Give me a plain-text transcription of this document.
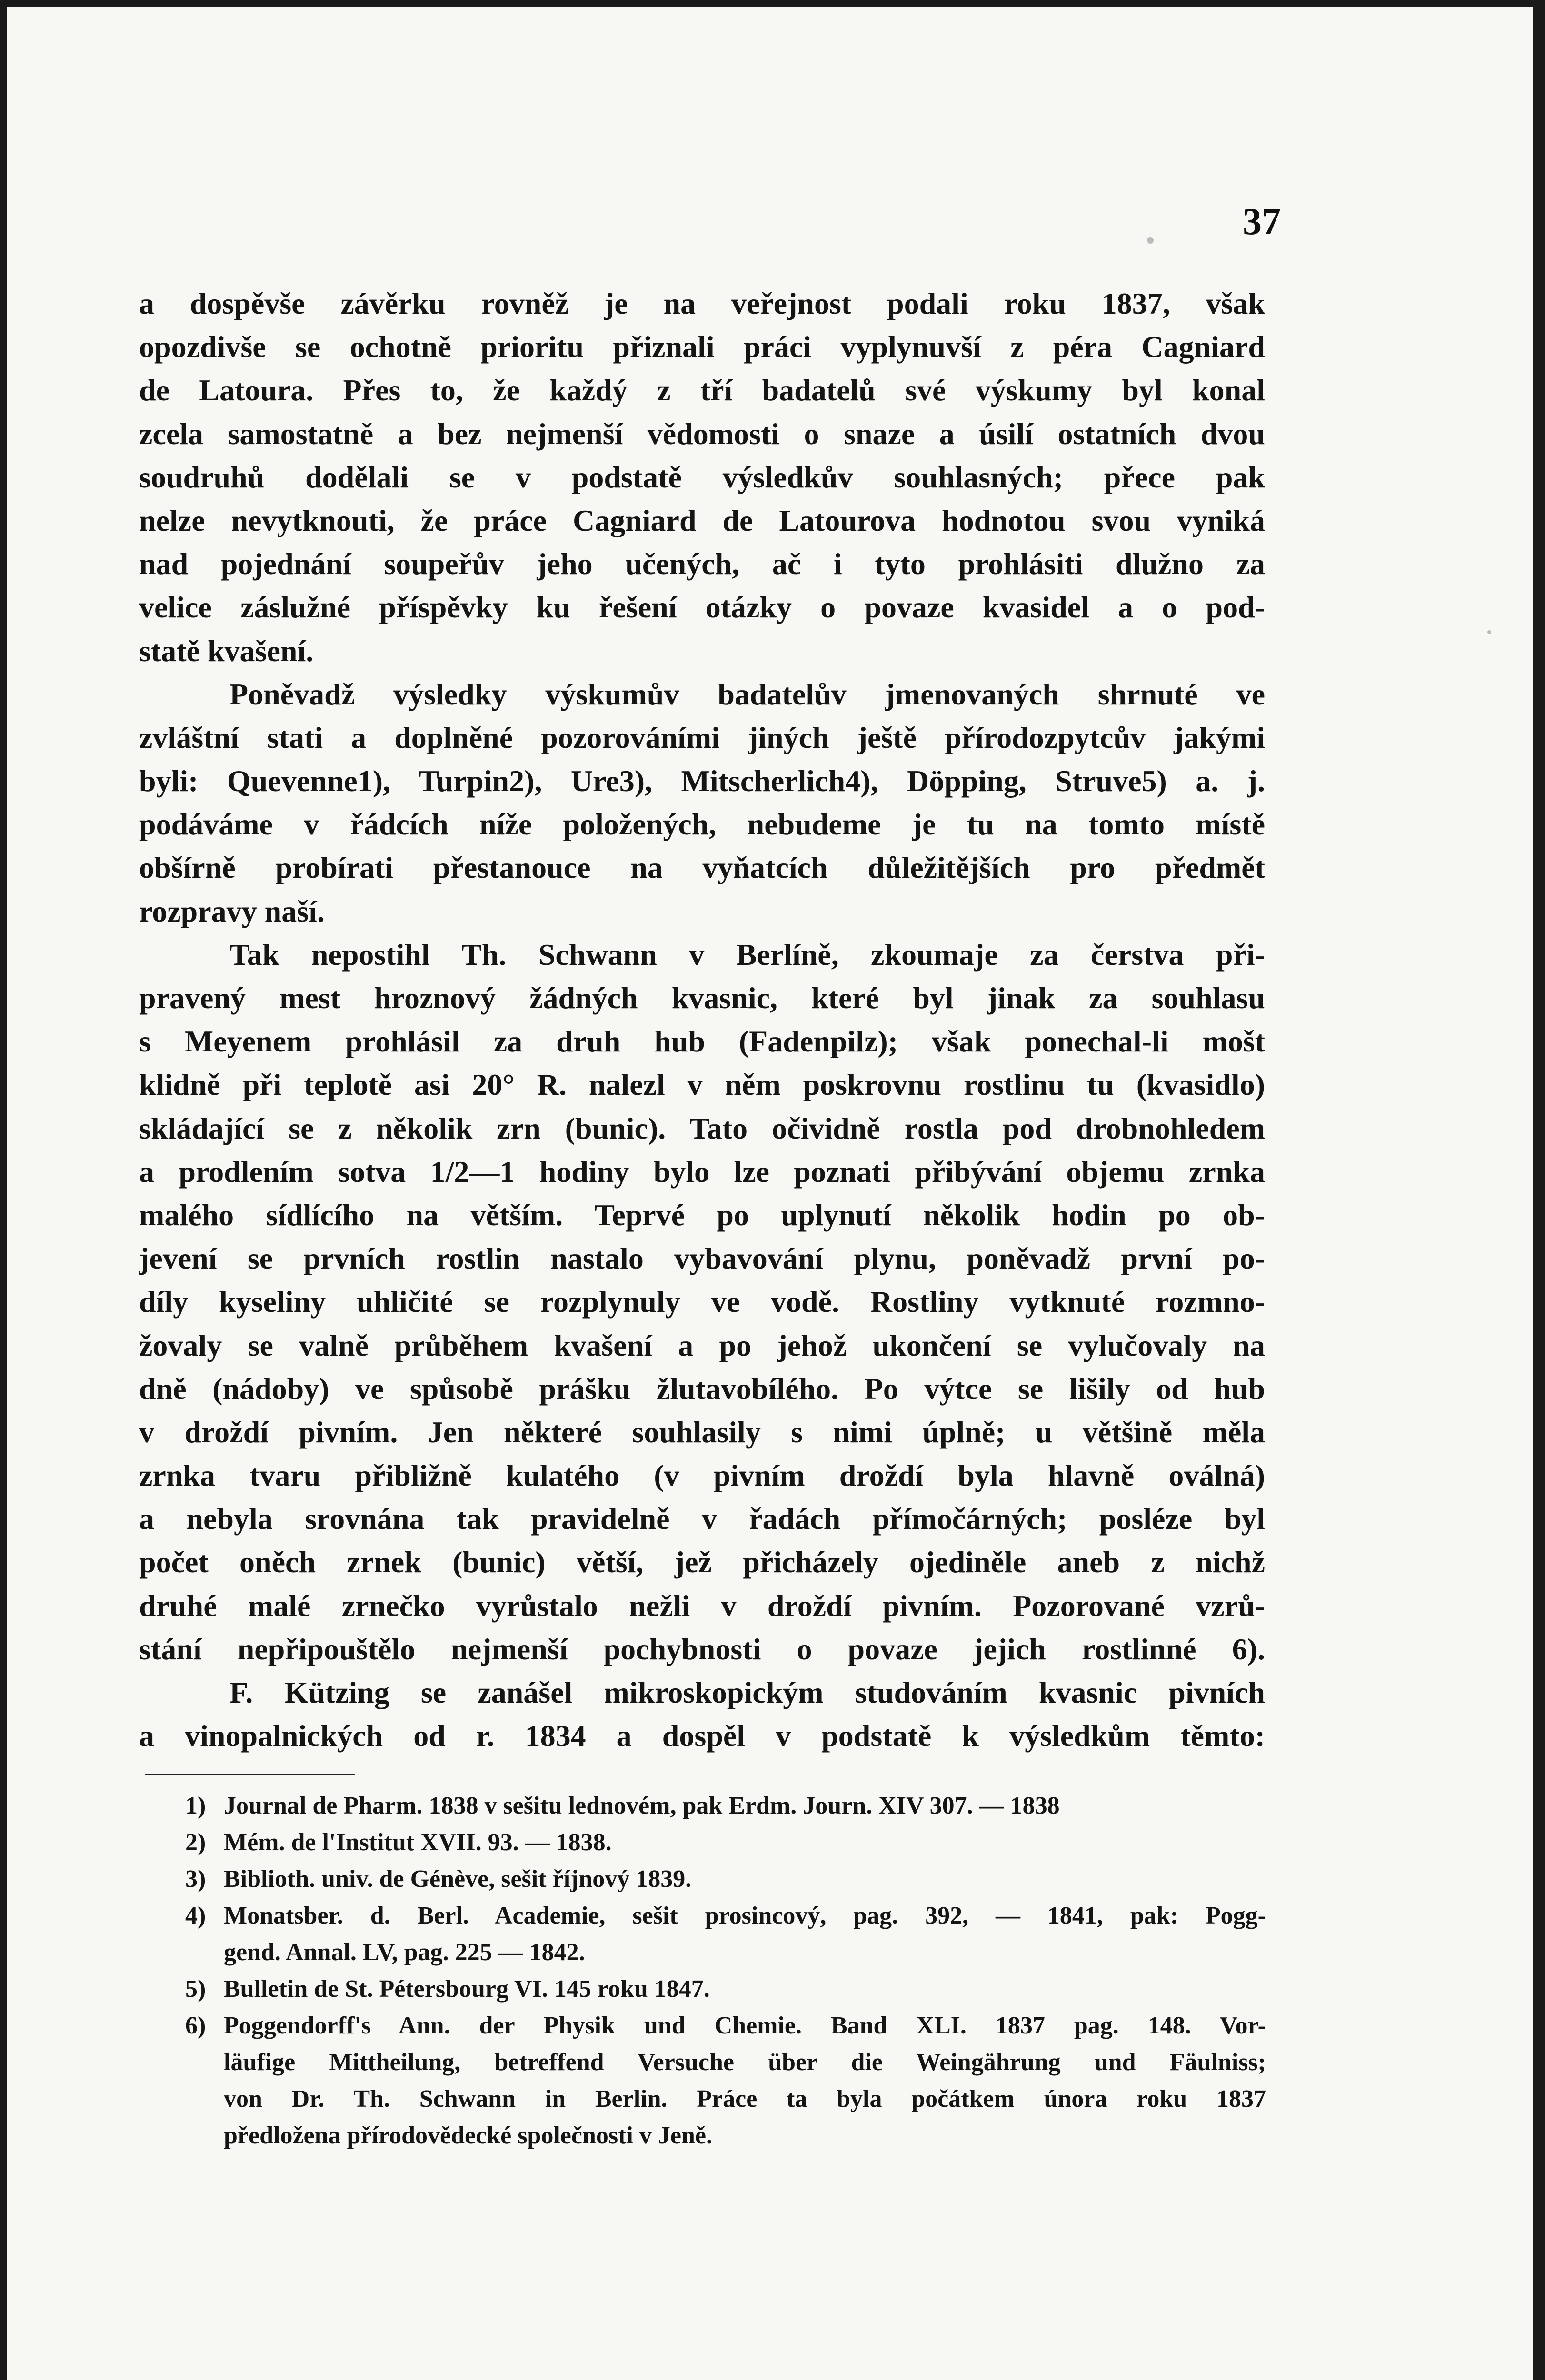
37
a dospěvše závěrku rovněž je na veřejnost podali roku 1837, však
opozdivše se ochotně prioritu přiznali práci vyplynuvší z péra Cagniard
de Latoura. Přes to, že každý z tří badatelů své výskumy byl konal
zcela samostatně a bez nejmenší vědomosti o snaze a úsilí ostatních dvou
soudruhů dodělali se v podstatě výsledkův souhlasných; přece pak
nelze nevytknouti, že práce Cagniard de Latourova hodnotou svou vyniká
nad pojednání soupeřův jeho učených, ač i tyto prohlásiti dlužno za
velice záslužné příspěvky ku řešení otázky o povaze kvasidel a o pod-
statě kvašení.
Poněvadž výsledky výskumův badatelův jmenovaných shrnuté ve
zvláštní stati a doplněné pozorováními jiných ještě přírodozpytcův jakými
byli: Quevenne1), Turpin2), Ure3), Mitscherlich4), Döpping, Struve5) a. j.
podáváme v řádcích níže položených, nebudeme je tu na tomto místě
obšírně probírati přestanouce na vyňatcích důležitějších pro předmět
rozpravy naší.
Tak nepostihl Th. Schwann v Berlíně, zkoumaje za čerstva při-
pravený mest hroznový žádných kvasnic, které byl jinak za souhlasu
s Meyenem prohlásil za druh hub (Fadenpilz); však ponechal-li mošt
klidně při teplotě asi 20° R. nalezl v něm poskrovnu rostlinu tu (kvasidlo)
skládající se z několik zrn (bunic). Tato očividně rostla pod drobnohledem
a prodlením sotva 1/2—1 hodiny bylo lze poznati přibývání objemu zrnka
malého sídlícího na větším. Teprvé po uplynutí několik hodin po ob-
jevení se prvních rostlin nastalo vybavování plynu, poněvadž první po-
díly kyseliny uhličité se rozplynuly ve vodě. Rostliny vytknuté rozmno-
žovaly se valně průběhem kvašení a po jehož ukončení se vylučovaly na
dně (nádoby) ve spůsobě prášku žlutavobílého. Po výtce se lišily od hub
v droždí pivním. Jen některé souhlasily s nimi úplně; u většině měla
zrnka tvaru přibližně kulatého (v pivním droždí byla hlavně oválná)
a nebyla srovnána tak pravidelně v řadách přímočárných; posléze byl
počet oněch zrnek (bunic) větší, jež přicházely ojediněle aneb z nichž
druhé malé zrnečko vyrůstalo nežli v droždí pivním. Pozorované vzrů-
stání nepřipouštělo nejmenší pochybnosti o povaze jejich rostlinné 6).
F. Kützing se zanášel mikroskopickým studováním kvasnic pivních
a vinopalnických od r. 1834 a dospěl v podstatě k výsledkům těmto:
1) Journal de Pharm. 1838 v sešitu lednovém, pak Erdm. Journ. XIV 307. — 1838
2) Mém. de l'Institut XVII. 93. — 1838.
3) Biblioth. univ. de Génève, sešit říjnový 1839.
4) Monatsber. d. Berl. Academie, sešit prosincový, pag. 392, — 1841, pak: Pogg-
gend. Annal. LV, pag. 225 — 1842.
5) Bulletin de St. Pétersbourg VI. 145 roku 1847.
6) Poggendorff's Ann. der Physik und Chemie. Band XLI. 1837 pag. 148. Vor-
läufige Mittheilung, betreffend Versuche über die Weingährung und Fäulniss;
von Dr. Th. Schwann in Berlin. Práce ta byla počátkem února roku 1837
předložena přírodovědecké společnosti v Jeně.
